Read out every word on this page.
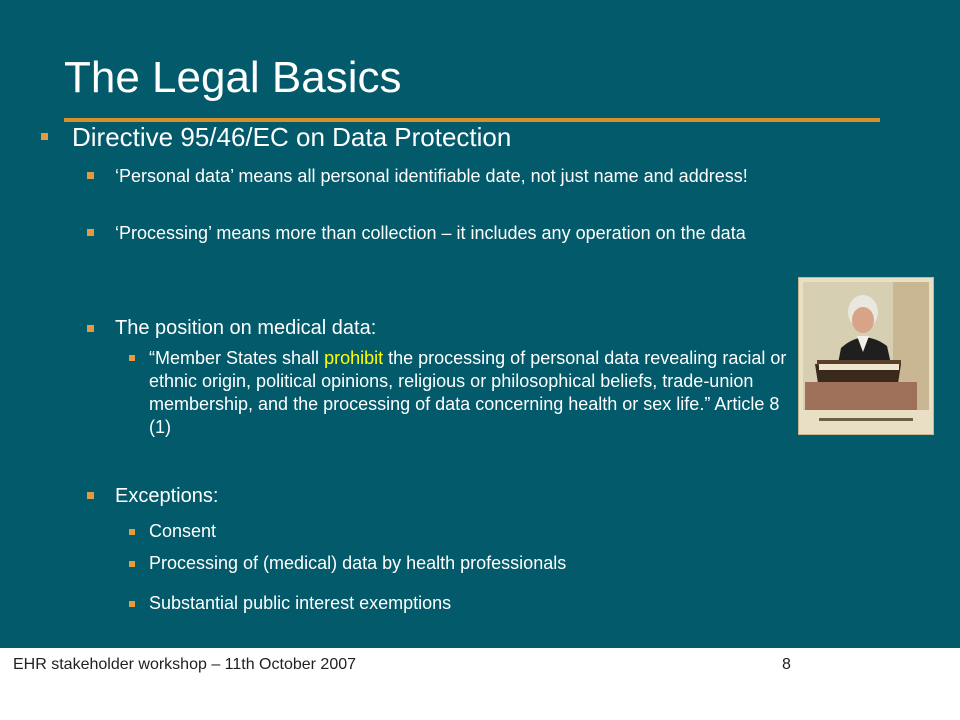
The Legal Basics
Directive 95/46/EC on Data Protection
‘Personal data’ means all personal identifiable date, not just name and address!
‘Processing’ means more than collection – it includes any operation on the data
The position on medical data:
“Member States shall prohibit the processing of personal data revealing racial or ethnic origin, political opinions, religious or philosophical beliefs, trade-union membership, and the processing of data concerning health or sex life.” Article 8 (1)
Exceptions:
Consent
Processing of (medical) data by health professionals
Substantial public interest exemptions
EHR stakeholder workshop – 11th October 2007	8
